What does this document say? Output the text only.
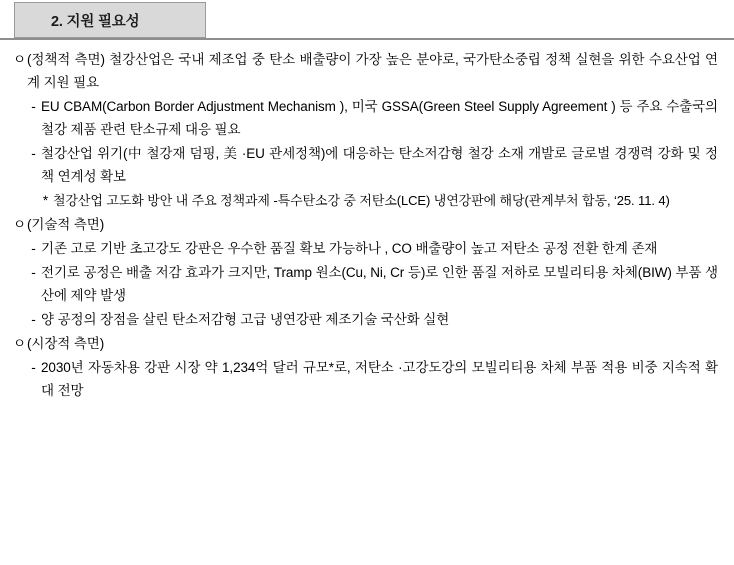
2. 지원 필요성
ㅇ (정책적 측면) 철강산업은 국내 제조업 중 탄소 배출량이 가장 높은 분야로, 국가탄소중립 정책 실현을 위한 수요산업 연계 지원 필요
- EU CBAM(Carbon Border Adjustment Mechanism ), 미국 GSSA(Green Steel Supply Agreement ) 등 주요 수출국의 철강 제품 관련 탄소규제 대응 필요
- 철강산업 위기(中 철강재 덤핑, 美 ·EU 관세정책)에 대응하는 탄소저감형 철강 소재 개발로 글로벌 경쟁력 강화 및 정책 연계성 확보
* 철강산업 고도화 방안 내 주요 정책과제 -특수탄소강 중 저탄소(LCE) 냉연강판에 해당(관계부처 합동, ‘25. 11. 4)
ㅇ (기술적 측면)
- 기존 고로 기반 초고강도 강판은 우수한 품질 확보 가능하나 , CO 배출량이 높고 저탄소 공정 전환 한계 존재
- 전기로 공정은 배출 저감 효과가 크지만, Tramp 원소(Cu, Ni, Cr 등)로 인한 품질 저하로 모빌리티용 차체(BIW) 부품 생산에 제약 발생
- 양 공정의 장점을 살린 탄소저감형 고급 냉연강판 제조기술 국산화 실현
ㅇ (시장적 측면)
- 2030년 자동차용 강판 시장 약 1,234억 달러 규모*로, 저탄소 ·고강도강의 모빌리티용 차체 부품 적용 비중 지속적 확대 전망
